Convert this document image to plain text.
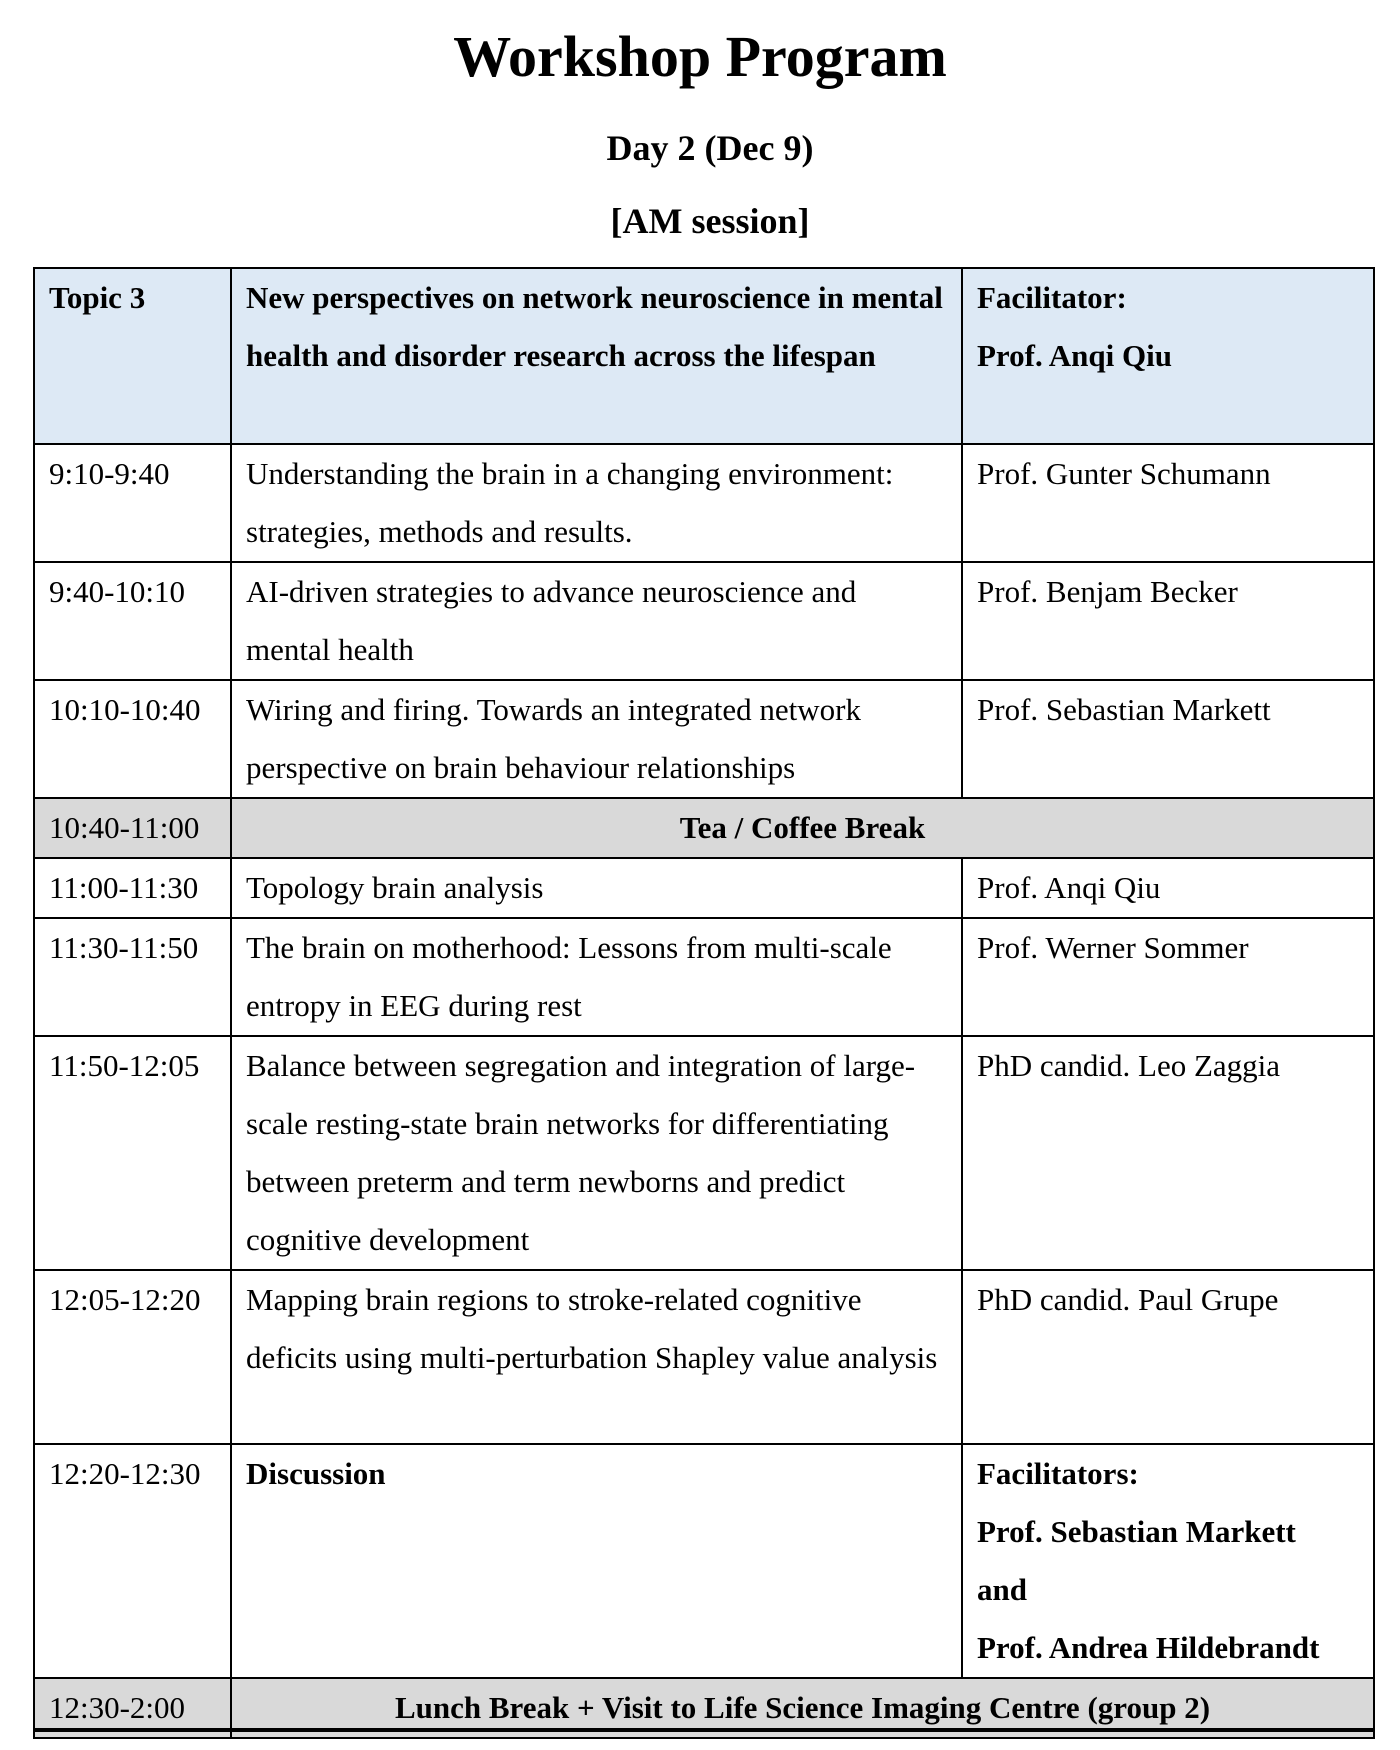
Workshop Program
Day 2 (Dec 9)
[AM session]
Topic 3	New perspectives on network neuroscience in mental health and disorder research across the lifespan	Facilitator:
Prof. Anqi Qiu

9:10-9:40	Understanding the brain in a changing environment: strategies, methods and results.	Prof. Gunter Schumann
9:40-10:10	AI-driven strategies to advance neuroscience and mental health	Prof. Benjam Becker
10:10-10:40	Wiring and firing. Towards an integrated network perspective on brain behaviour relationships	Prof. Sebastian Markett
10:40-11:00	Tea / Coffee Break	
11:00-11:30	Topology brain analysis	Prof. Anqi Qiu
11:30-11:50	The brain on motherhood: Lessons from multi-scale entropy in EEG during rest	Prof. Werner Sommer
11:50-12:05	Balance between segregation and integration of large-scale resting-state brain networks for differentiating between preterm and term newborns and predict cognitive development	PhD candid. Leo Zaggia
12:05-12:20	Mapping brain regions to stroke-related cognitive deficits using multi-perturbation Shapley value analysis	PhD candid. Paul Grupe
12:20-12:30	Discussion	Facilitators:
Prof. Sebastian Markett
and
Prof. Andrea Hildebrandt

12:30-2:00	Lunch Break + Visit to Life Science Imaging Centre (group 2)	
